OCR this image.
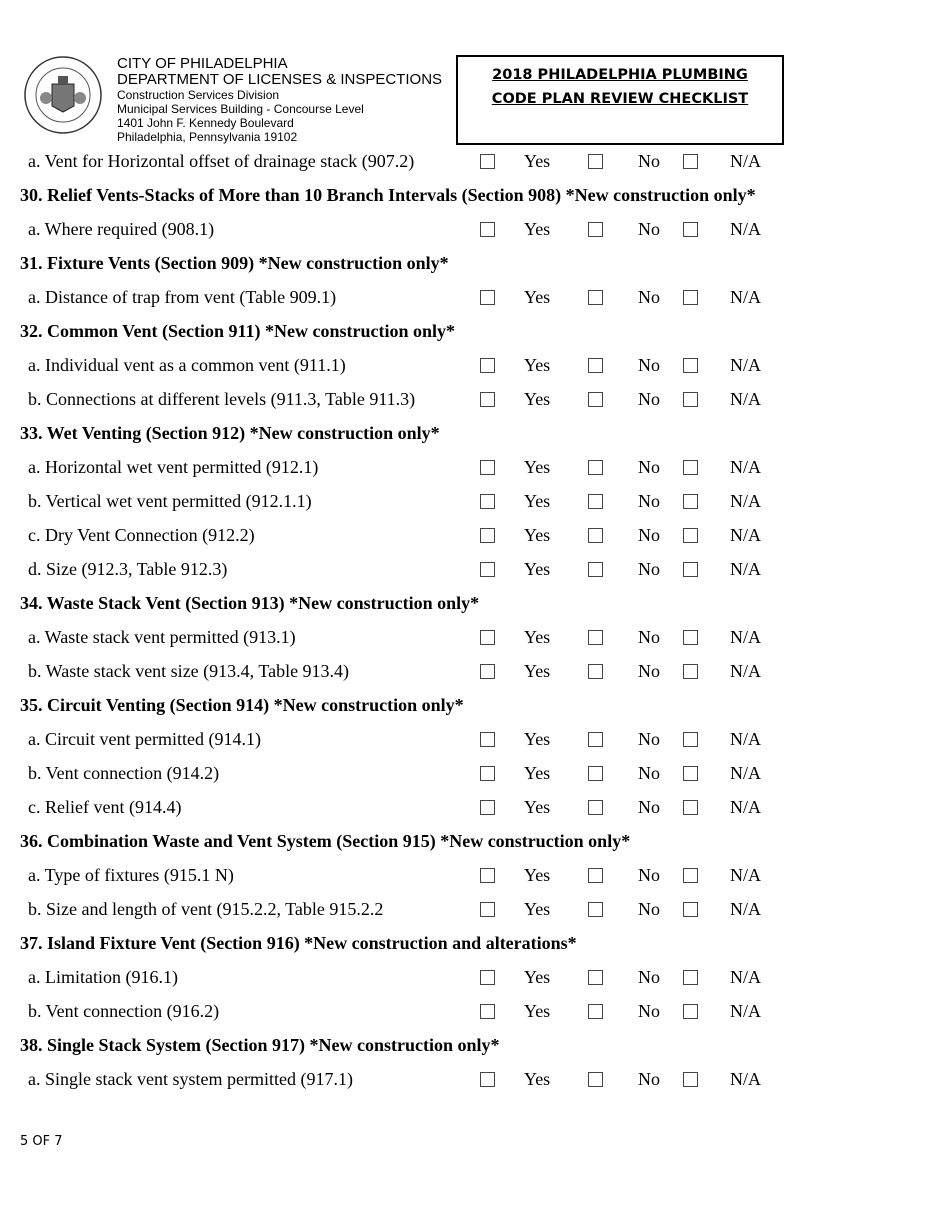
CITY OF PHILADELPHIA
DEPARTMENT OF LICENSES & INSPECTIONS
Construction Services Division
Municipal Services Building - Concourse Level
1401 John F. Kennedy Boulevard
Philadelphia, Pennsylvania 19102
2018 PHILADELPHIA PLUMBING
CODE PLAN REVIEW CHECKLIST
a. Vent for Horizontal offset of drainage stack (907.2)	Yes	No	N/A
30. Relief Vents-Stacks of More than 10 Branch Intervals (Section 908) *New construction only*
a. Where required (908.1)	Yes	No	N/A
31. Fixture Vents (Section 909) *New construction only*
a. Distance of trap from vent (Table 909.1)	Yes	No	N/A
32. Common Vent (Section 911) *New construction only*
a. Individual vent as a common vent (911.1)	Yes	No	N/A
b. Connections at different levels (911.3, Table 911.3)	Yes	No	N/A
33. Wet Venting (Section 912) *New construction only*
a. Horizontal wet vent permitted (912.1)	Yes	No	N/A
b. Vertical wet vent permitted (912.1.1)	Yes	No	N/A
c. Dry Vent Connection (912.2)	Yes	No	N/A
d. Size (912.3, Table 912.3)	Yes	No	N/A
34. Waste Stack Vent (Section 913) *New construction only*
a. Waste stack vent permitted (913.1)	Yes	No	N/A
b. Waste stack vent size (913.4, Table 913.4)	Yes	No	N/A
35. Circuit Venting (Section 914) *New construction only*
a. Circuit vent permitted (914.1)	Yes	No	N/A
b. Vent connection (914.2)	Yes	No	N/A
c. Relief vent (914.4)	Yes	No	N/A
36. Combination Waste and Vent System (Section 915) *New construction only*
a. Type of fixtures (915.1 N)	Yes	No	N/A
b. Size and length of vent (915.2.2, Table 915.2.2	Yes	No	N/A
37. Island Fixture Vent (Section 916) *New construction and alterations*
a. Limitation (916.1)	Yes	No	N/A
b. Vent connection (916.2)	Yes	No	N/A
38. Single Stack System (Section 917) *New construction only*
a. Single stack vent system permitted (917.1)	Yes	No	N/A
5 OF 7
